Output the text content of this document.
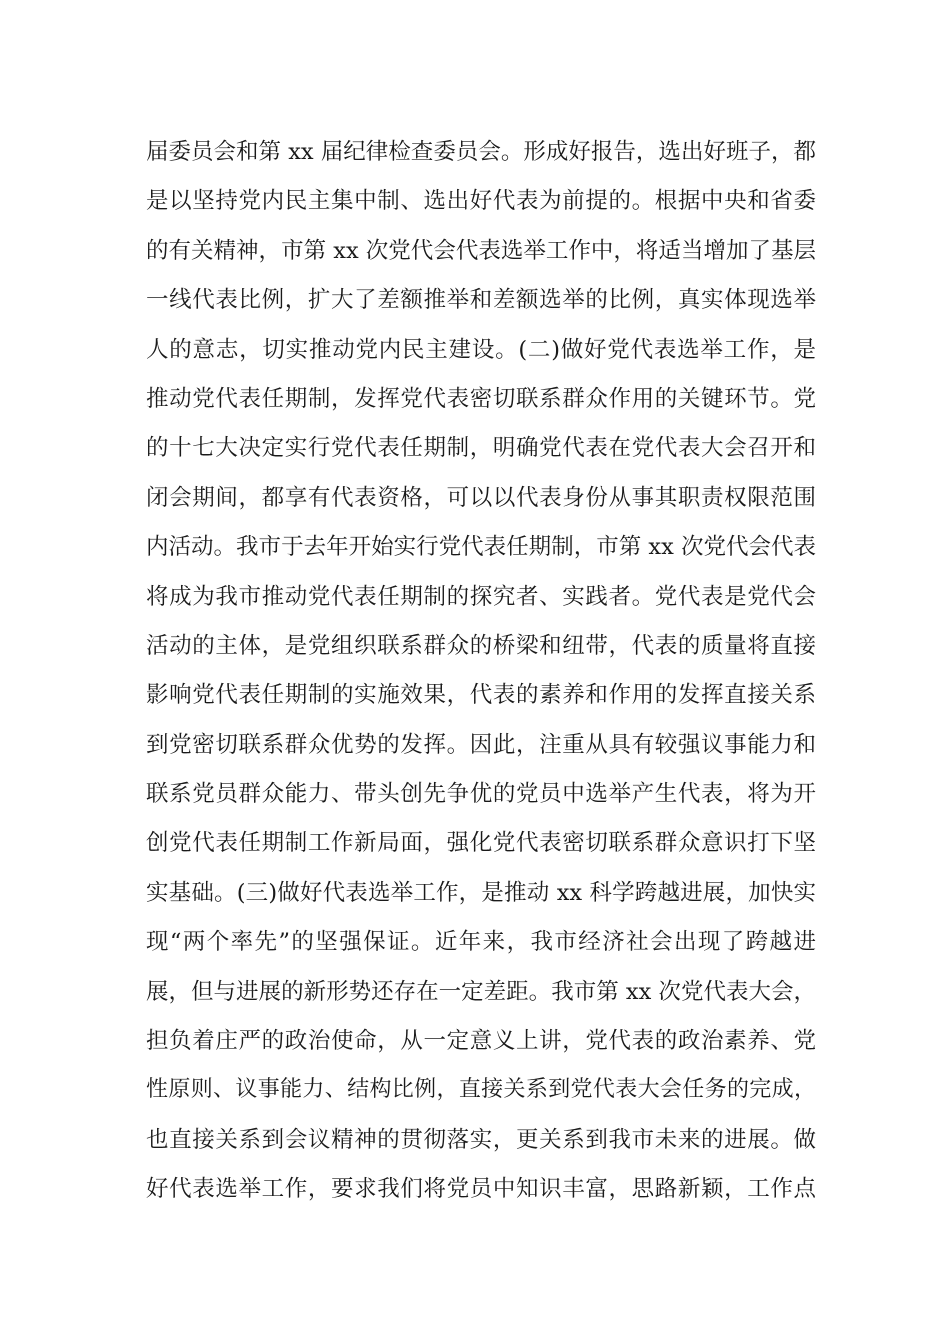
届委员会和第 xx 届纪律检查委员会。形成好报告，选出好班子，都
是以坚持党内民主集中制、选出好代表为前提的。根据中央和省委
的有关精神，市第 xx 次党代会代表选举工作中，将适当增加了基层
一线代表比例，扩大了差额推举和差额选举的比例，真实体现选举
人的意志，切实推动党内民主建设。(二)做好党代表选举工作，是
推动党代表任期制，发挥党代表密切联系群众作用的关键环节。党
的十七大决定实行党代表任期制，明确党代表在党代表大会召开和
闭会期间，都享有代表资格，可以以代表身份从事其职责权限范围
内活动。我市于去年开始实行党代表任期制，市第 xx 次党代会代表
将成为我市推动党代表任期制的探究者、实践者。党代表是党代会
活动的主体，是党组织联系群众的桥梁和纽带，代表的质量将直接
影响党代表任期制的实施效果，代表的素养和作用的发挥直接关系
到党密切联系群众优势的发挥。因此，注重从具有较强议事能力和
联系党员群众能力、带头创先争优的党员中选举产生代表，将为开
创党代表任期制工作新局面，强化党代表密切联系群众意识打下坚
实基础。(三)做好代表选举工作，是推动 xx 科学跨越进展，加快实
现“两个率先”的坚强保证。近年来，我市经济社会出现了跨越进
展，但与进展的新形势还存在一定差距。我市第 xx 次党代表大会，
担负着庄严的政治使命，从一定意义上讲，党代表的政治素养、党
性原则、议事能力、结构比例，直接关系到党代表大会任务的完成，
也直接关系到会议精神的贯彻落实，更关系到我市未来的进展。做
好代表选举工作，要求我们将党员中知识丰富，思路新颖，工作点
